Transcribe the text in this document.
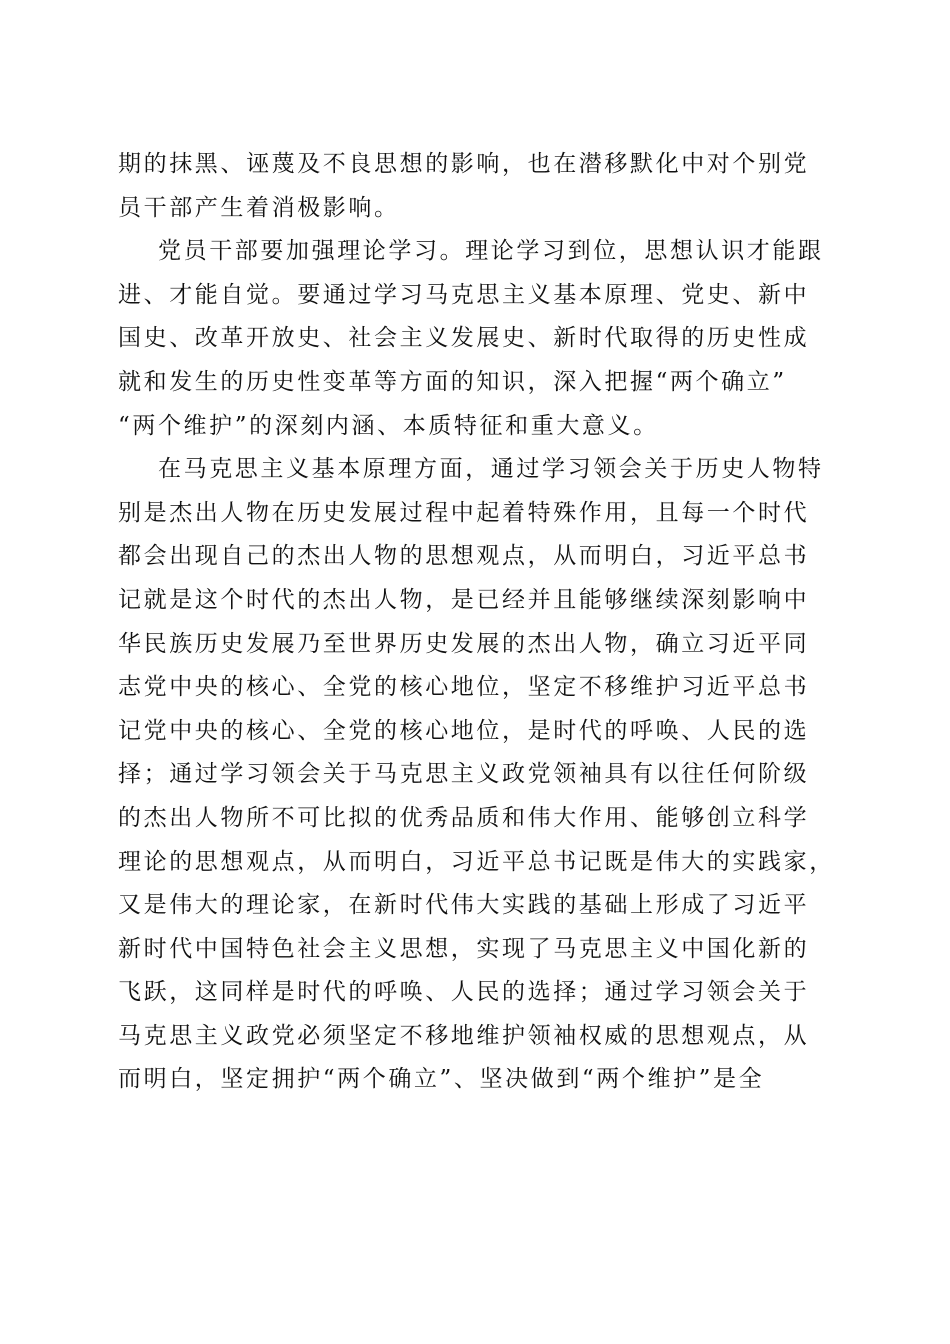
期的抹黑、诬蔑及不良思想的影响，也在潜移默化中对个别党
员干部产生着消极影响。
党员干部要加强理论学习。理论学习到位，思想认识才能跟
进、才能自觉。要通过学习马克思主义基本原理、党史、新中
国史、改革开放史、社会主义发展史、新时代取得的历史性成
就和发生的历史性变革等方面的知识，深入把握“两个确立”
“两个维护”的深刻内涵、本质特征和重大意义。
在马克思主义基本原理方面，通过学习领会关于历史人物特
别是杰出人物在历史发展过程中起着特殊作用，且每一个时代
都会出现自己的杰出人物的思想观点，从而明白，习近平总书
记就是这个时代的杰出人物，是已经并且能够继续深刻影响中
华民族历史发展乃至世界历史发展的杰出人物，确立习近平同
志党中央的核心、全党的核心地位，坚定不移维护习近平总书
记党中央的核心、全党的核心地位，是时代的呼唤、人民的选
择；通过学习领会关于马克思主义政党领袖具有以往任何阶级
的杰出人物所不可比拟的优秀品质和伟大作用、能够创立科学
理论的思想观点，从而明白，习近平总书记既是伟大的实践家，
又是伟大的理论家，在新时代伟大实践的基础上形成了习近平
新时代中国特色社会主义思想，实现了马克思主义中国化新的
飞跃，这同样是时代的呼唤、人民的选择；通过学习领会关于
马克思主义政党必须坚定不移地维护领袖权威的思想观点，从
而明白，坚定拥护“两个确立”、坚决做到“两个维护”是全
